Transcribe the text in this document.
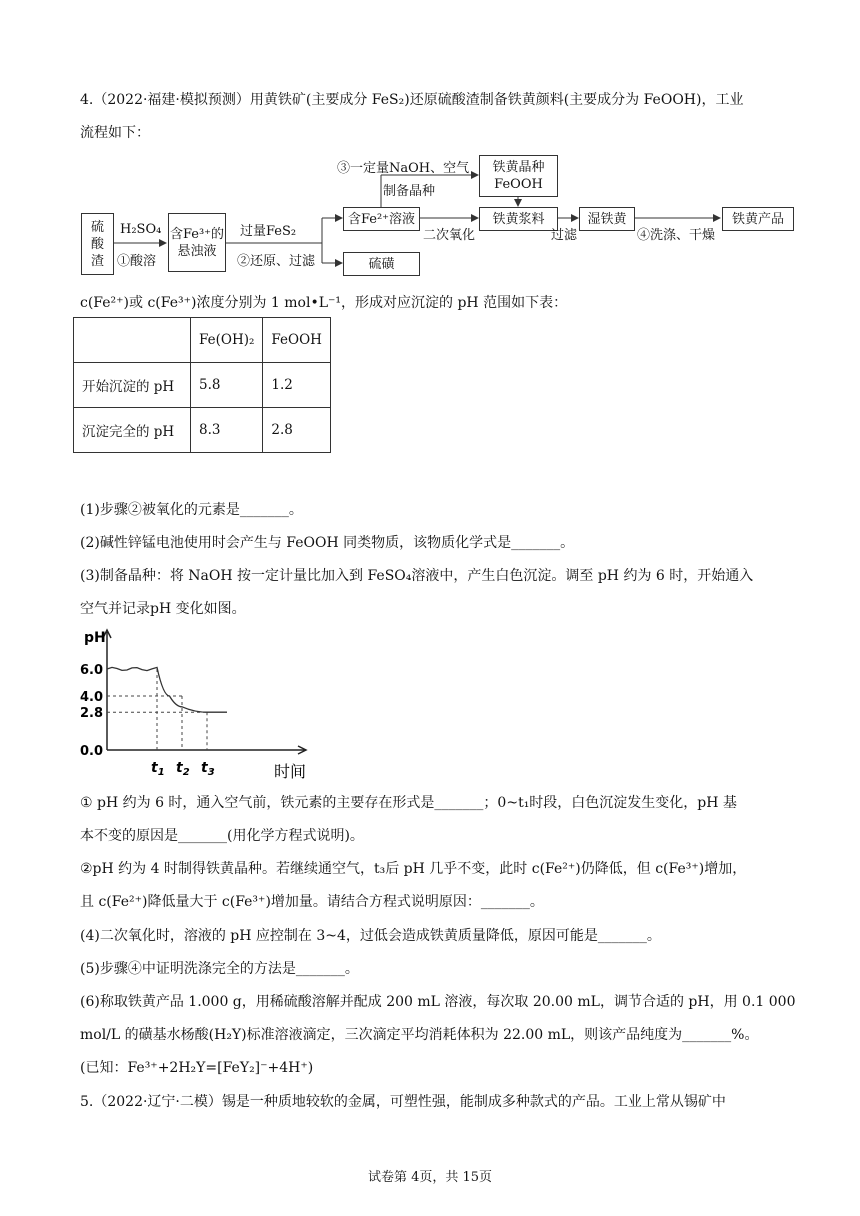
4.（2022·福建·模拟预测）用黄铁矿(主要成分 FeS₂)还原硫酸渣制备铁黄颜料(主要成分为 FeOOH)，工业
流程如下：
硫
酸
渣
H₂SO₄
①酸溶
含Fe³⁺的
悬浊液
过量FeS₂
②还原、过滤
含Fe²⁺溶液
硫磺
③一定量NaOH、空气
制备晶种
铁黄晶种
FeOOH
二次氧化
铁黄浆料
过滤
湿铁黄
④洗涤、干燥
铁黄产品
c(Fe²⁺)或 c(Fe³⁺)浓度分别为 1 mol•L⁻¹，形成对应沉淀的 pH 范围如下表：
	Fe(OH)₂	FeOOH
开始沉淀的 pH	5.8	1.2
沉淀完全的 pH	8.3	2.8
(1)步骤②被氧化的元素是_______。
(2)碱性锌锰电池使用时会产生与 FeOOH 同类物质，该物质化学式是_______。
(3)制备晶种：将 NaOH 按一定计量比加入到 FeSO₄溶液中，产生白色沉淀。调至 pH 约为 6 时，开始通入
空气并记录pH 变化如图。
pH
6.0
4.0
2.8
0.0
$t_1$ $t_2$ $t_3$	时间
① pH 约为 6 时，通入空气前，铁元素的主要存在形式是_______；0~t₁时段，白色沉淀发生变化，pH 基
本不变的原因是_______(用化学方程式说明)。
②pH 约为 4 时制得铁黄晶种。若继续通空气，t₃后 pH 几乎不变，此时 c(Fe²⁺)仍降低，但 c(Fe³⁺)增加，
且 c(Fe²⁺)降低量大于 c(Fe³⁺)增加量。请结合方程式说明原因：_______。
(4)二次氧化时，溶液的 pH 应控制在 3~4，过低会造成铁黄质量降低，原因可能是_______。
(5)步骤④中证明洗涤完全的方法是_______。
(6)称取铁黄产品 1.000 g，用稀硫酸溶解并配成 200 mL 溶液，每次取 20.00 mL，调节合适的 pH，用 0.1 000
mol/L 的磺基水杨酸(H₂Y)标准溶液滴定，三次滴定平均消耗体积为 22.00 mL，则该产品纯度为_______%。
(已知：Fe³⁺+2H₂Y=[FeY₂]⁻+4H⁺)
5.（2022·辽宁·二模）锡是一种质地较软的金属，可塑性强，能制成多种款式的产品。工业上常从锡矿中
试卷第 4页，共 15页
